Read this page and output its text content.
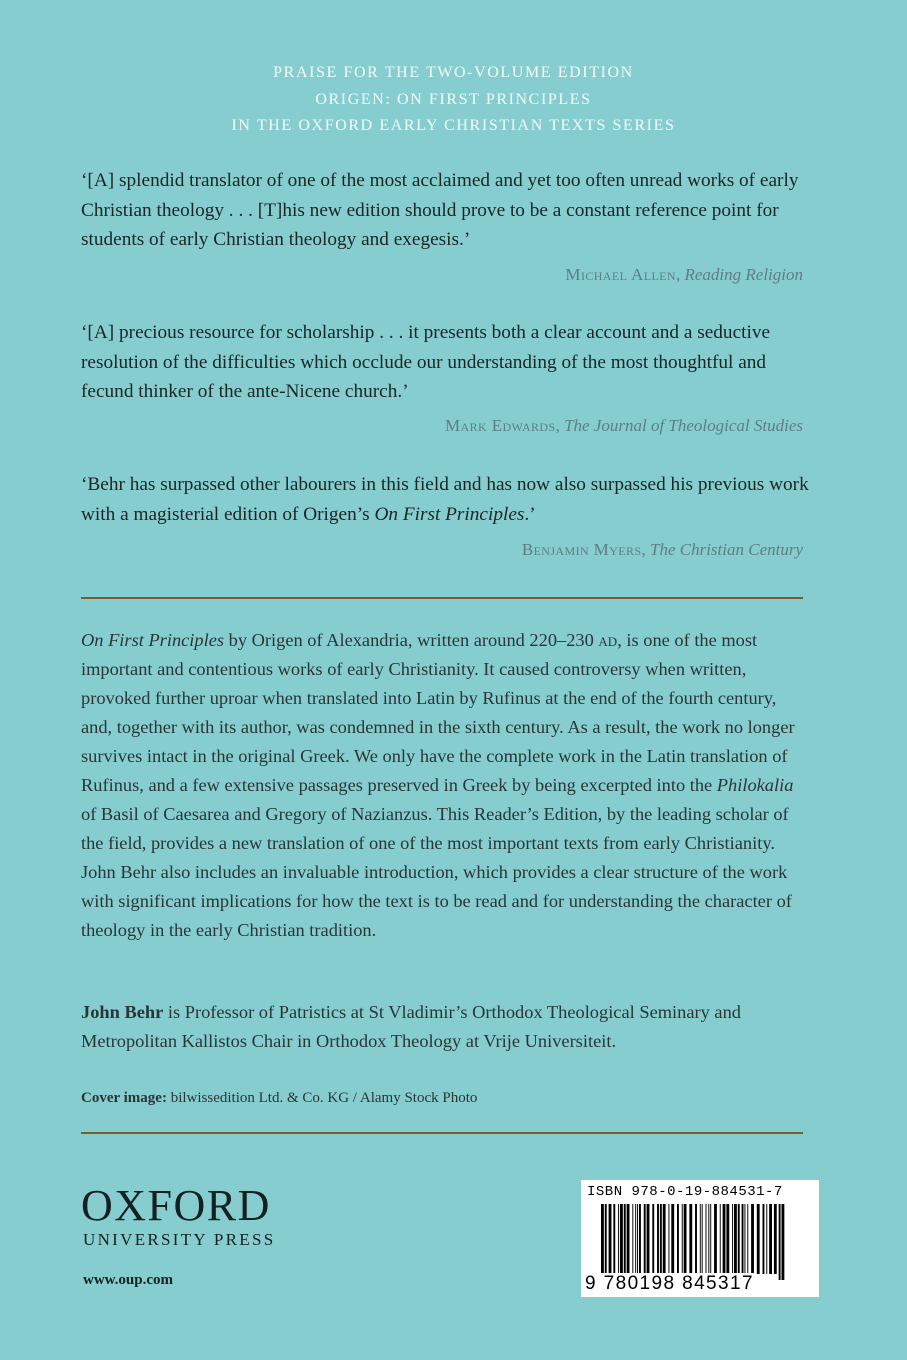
PRAISE FOR THE TWO-VOLUME EDITION
ORIGEN: ON FIRST PRINCIPLES
IN THE OXFORD EARLY CHRISTIAN TEXTS SERIES

‘[A] splendid translator of one of the most acclaimed and yet too often unread works of early Christian theology . . . [T]his new edition should prove to be a constant reference point for students of early Christian theology and exegesis.’

Michael Allen, Reading Religion

‘[A] precious resource for scholarship . . . it presents both a clear account and a seductive resolution of the difficulties which occlude our understanding of the most thoughtful and fecund thinker of the ante-Nicene church.’

Mark Edwards, The Journal of Theological Studies

‘Behr has surpassed other labourers in this field and has now also surpassed his previous work with a magisterial edition of Origen’s On First Principles.’

Benjamin Myers, The Christian Century

On First Principles by Origen of Alexandria, written around 220–230 ad, is one of the most important and contentious works of early Christianity. It caused controversy when written, provoked further uproar when translated into Latin by Rufinus at the end of the fourth century, and, together with its author, was condemned in the sixth century. As a result, the work no longer survives intact in the original Greek. We only have the complete work in the Latin translation of Rufinus, and a few extensive passages preserved in Greek by being excerpted into the Philokalia of Basil of Caesarea and Gregory of Nazianzus. This Reader’s Edition, by the leading scholar of the field, provides a new translation of one of the most important texts from early Christianity. John Behr also includes an invaluable introduction, which provides a clear structure of the work with significant implications for how the text is to be read and for understanding the character of theology in the early Christian tradition.

John Behr is Professor of Patristics at St Vladimir’s Orthodox Theological Seminary and Metropolitan Kallistos Chair in Orthodox Theology at Vrije Universiteit.

Cover image: bilwissedition Ltd. & Co. KG / Alamy Stock Photo
OXFORD
UNIVERSITY PRESS
www.oup.com
ISBN 978-0-19-884531-7
9 780198 845317
